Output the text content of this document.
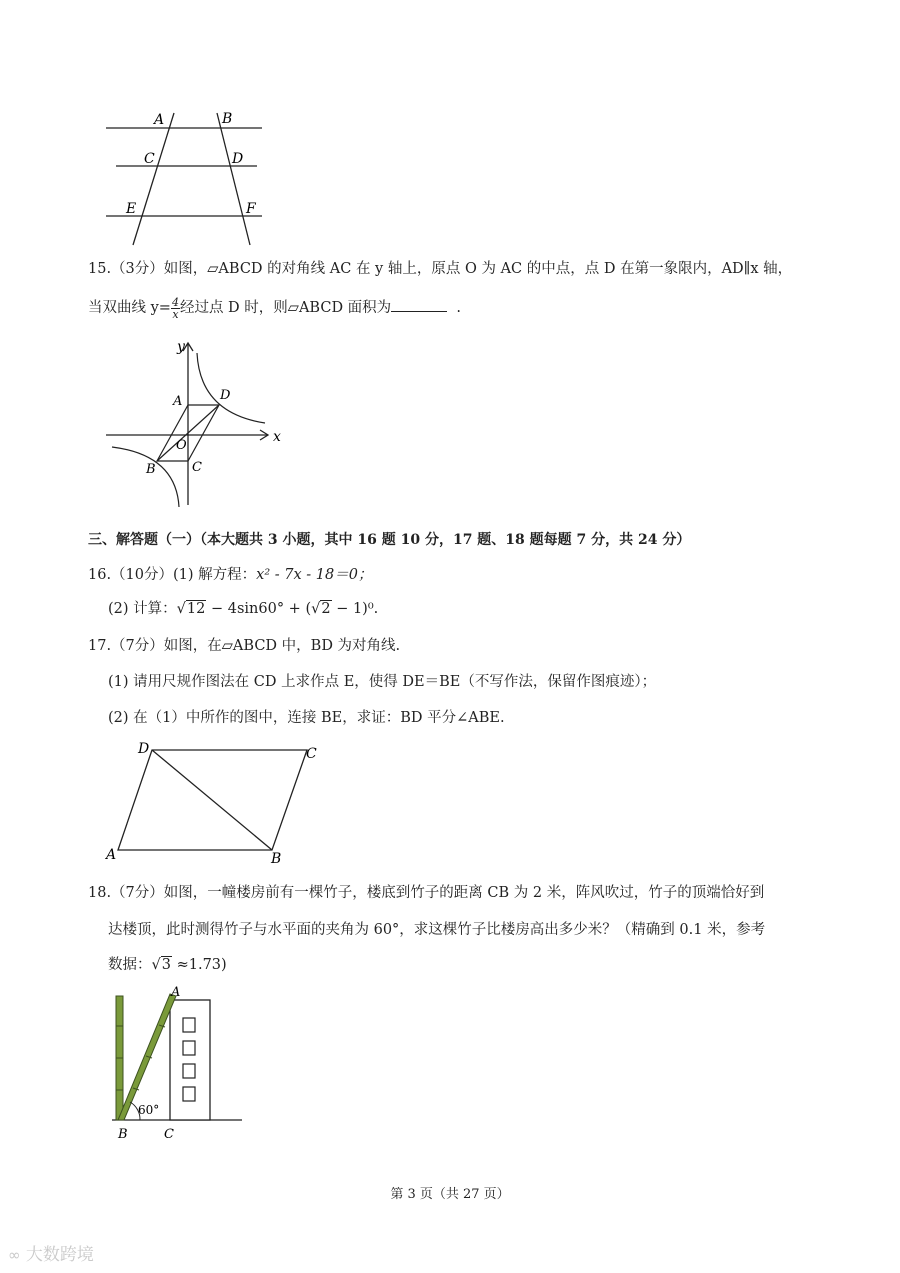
A	B
C	D
E	F
15.（3分）如图，▱ABCD 的对角线 AC 在 y 轴上，原点 O 为 AC 的中点，点 D 在第一象限内，AD∥x 轴，
当双曲线 $y= \frac{4}{x}$ 经过点 D 时，则▱ABCD 面积为	.
y
x
A	D
O
B	C
三、解答题（一）（本大题共 3 小题，其中 16 题 10 分，17 题、18 题每题 7 分，共 24 分）
16.（10分）(1) 解方程：x² - 7x - 18＝0；
(2) 计算：√12 − 4sin60° + (√2 − 1)⁰.
17.（7分）如图，在▱ABCD 中，BD 为对角线.
(1) 请用尺规作图法在 CD 上求作点 E，使得 DE＝BE（不写作法，保留作图痕迹）；
(2) 在（1）中所作的图中，连接 BE，求证：BD 平分∠ABE.
D	C
A	B
18.（7分）如图，一幢楼房前有一棵竹子，楼底到竹子的距离 CB 为 2 米，阵风吹过，竹子的顶端恰好到
达楼顶，此时测得竹子与水平面的夹角为 60°，求这棵竹子比楼房高出多少米？（精确到 0.1 米，参考
数据：√3 ≈1.73)
60°
A
B	C
第 3 页（共 27 页）
∞ 大数跨境
